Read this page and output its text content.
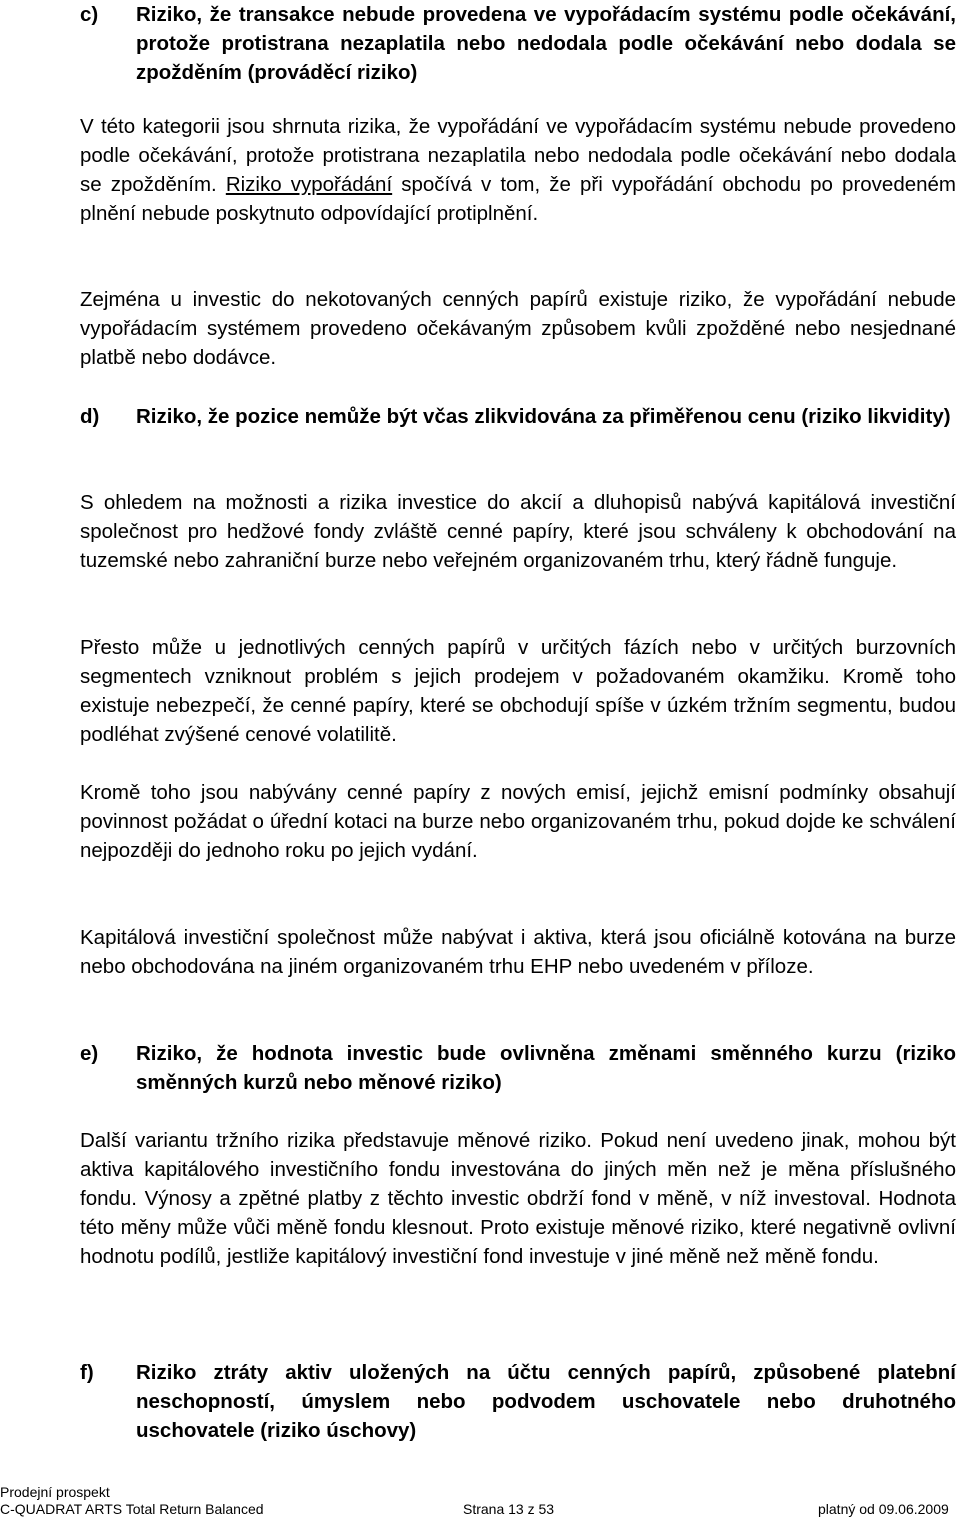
c)	Riziko, že transakce nebude provedena ve vypořádacím systému podle očekávání, protože protistrana nezaplatila nebo nedodala podle očekávání nebo dodala se zpožděním (prováděcí riziko)
V této kategorii jsou shrnuta rizika, že vypořádání ve vypořádacím systému nebude provedeno podle očekávání, protože protistrana nezaplatila nebo nedodala podle očekávání nebo dodala se zpožděním. Riziko vypořádání spočívá v tom, že při vypořádání obchodu po provedeném plnění nebude poskytnuto odpovídající protiplnění.
Zejména u investic do nekotovaných cenných papírů existuje riziko, že vypořádání nebude vypořádacím systémem provedeno očekávaným způsobem kvůli zpožděné nebo nesjednané platbě nebo dodávce.
d)	Riziko, že pozice nemůže být včas zlikvidována za přiměřenou cenu (riziko likvidity)
S ohledem na možnosti a rizika investice do akcií a dluhopisů nabývá kapitálová investiční společnost pro hedžové fondy zvláště cenné papíry, které jsou schváleny k obchodování na tuzemské nebo zahraniční burze nebo veřejném organizovaném trhu, který řádně funguje.
Přesto může u jednotlivých cenných papírů v určitých fázích nebo v určitých burzovních segmentech vzniknout problém s jejich prodejem v požadovaném okamžiku. Kromě toho existuje nebezpečí, že cenné papíry, které se obchodují spíše v úzkém tržním segmentu, budou podléhat zvýšené cenové volatilitě.
Kromě toho jsou nabývány cenné papíry z nových emisí, jejichž emisní podmínky obsahují povinnost požádat o úřední kotaci na burze nebo organizovaném trhu, pokud dojde ke schválení nejpozději do jednoho roku po jejich vydání.
Kapitálová investiční společnost může nabývat i aktiva, která jsou oficiálně kotována na burze nebo obchodována na jiném organizovaném trhu EHP nebo uvedeném v příloze.
e)	Riziko, že hodnota investic bude ovlivněna změnami směnného kurzu (riziko směnných kurzů nebo měnové riziko)
Další variantu tržního rizika představuje měnové riziko. Pokud není uvedeno jinak, mohou být aktiva kapitálového investičního fondu investována do jiných měn než je měna příslušného fondu. Výnosy a zpětné platby z těchto investic obdrží fond v měně, v níž investoval. Hodnota této měny může vůči měně fondu klesnout. Proto existuje měnové riziko, které negativně ovlivní hodnotu podílů, jestliže kapitálový investiční fond investuje v jiné měně než měně fondu.
f)	Riziko ztráty aktiv uložených na účtu cenných papírů, způsobené platební neschopností, úmyslem nebo podvodem uschovatele nebo druhotného uschovatele (riziko úschovy)
Prodejní prospekt
C-QUADRAT ARTS Total Return Balanced	Strana 13 z 53	platný od 09.06.2009
